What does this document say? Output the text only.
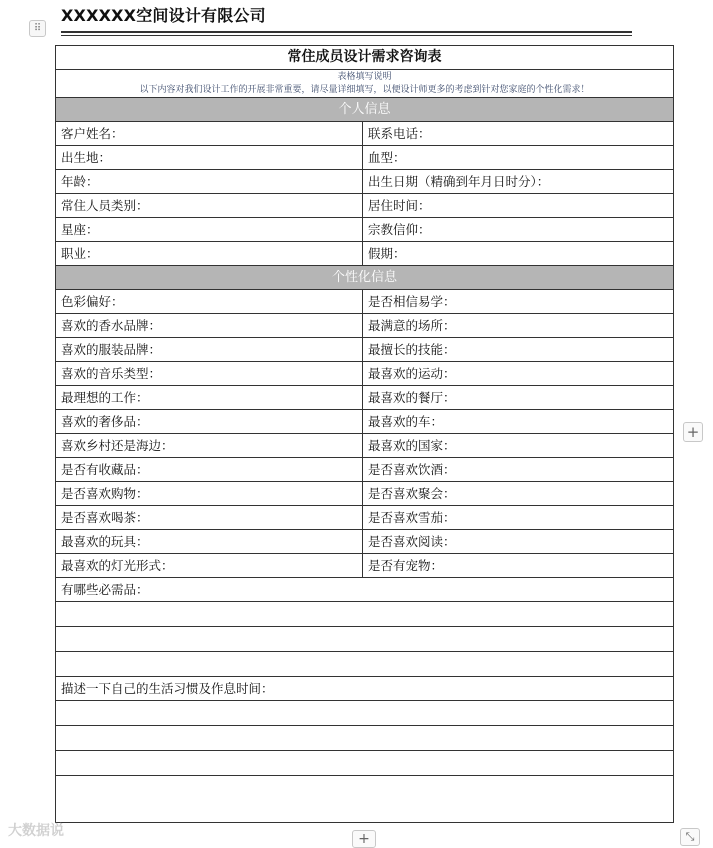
⠿
XXXXXX空间设计有限公司
常住成员设计需求咨询表
表格填写说明
以下内容对我们设计工作的开展非常重要，请尽量详细填写，以便设计师更多的考虑到针对您家庭的个性化需求！
个人信息
客户姓名：	联系电话：
出生地：	血型：
年龄：	出生日期（精确到年月日时分）：
常住人员类别：	居住时间：
星座：	宗教信仰：
职业：	假期：
个性化信息
色彩偏好：	是否相信易学：
喜欢的香水品牌：	最满意的场所：
喜欢的服装品牌：	最擅长的技能：
喜欢的音乐类型：	最喜欢的运动：
最理想的工作：	最喜欢的餐厅：
喜欢的奢侈品：	最喜欢的车：
喜欢乡村还是海边：	最喜欢的国家：
是否有收藏品：	是否喜欢饮酒：
是否喜欢购物：	是否喜欢聚会：
是否喜欢喝茶：	是否喜欢雪茄：
最喜欢的玩具：	是否喜欢阅读：
最喜欢的灯光形式：	是否有宠物：
有哪些必需品：
描述一下自己的生活习惯及作息时间：
+
+	⤡
大数据说
